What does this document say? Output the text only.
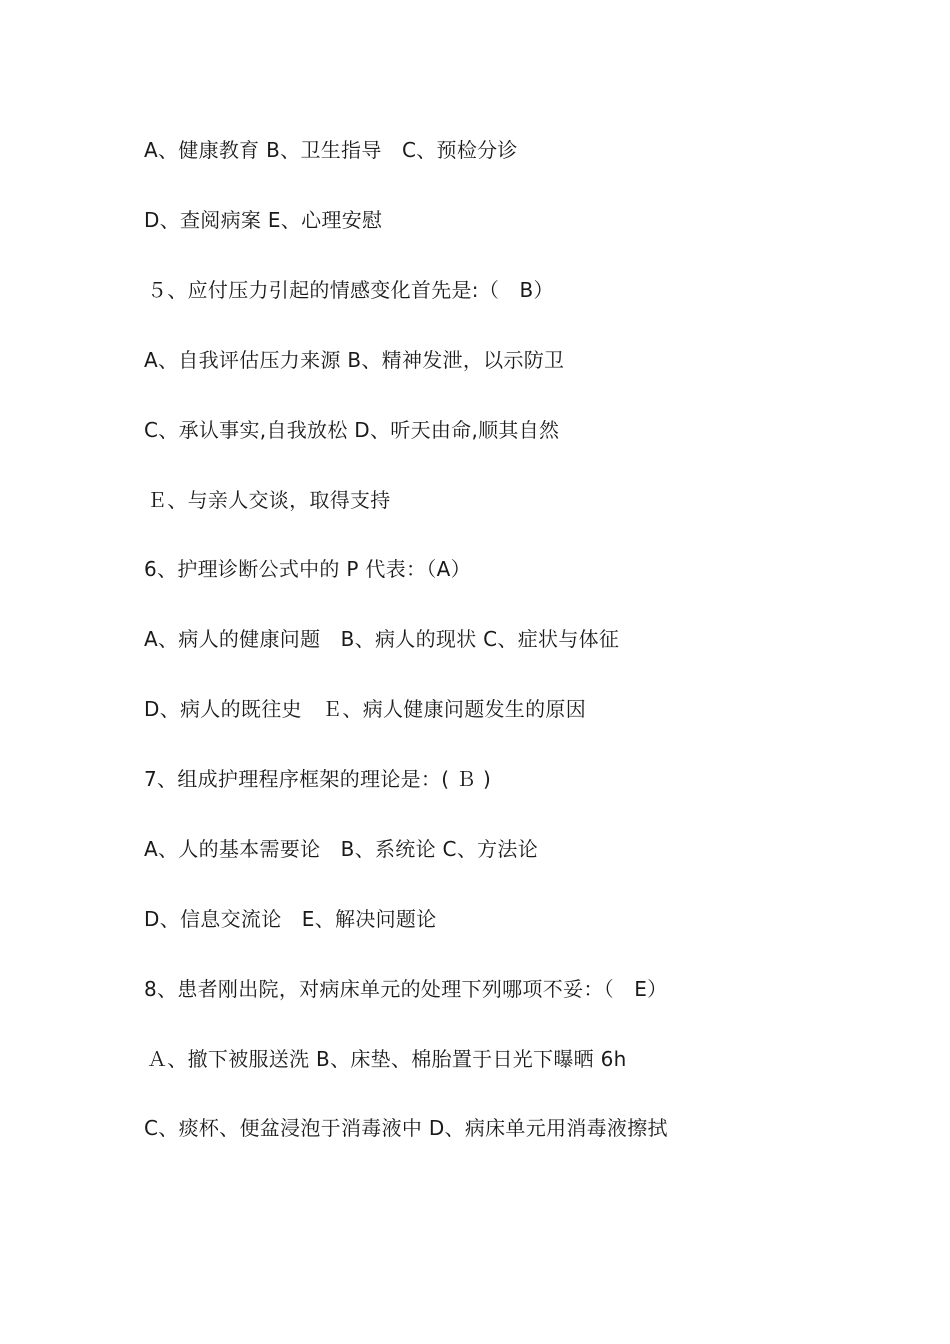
A、健康教育 B、卫生指导　C、预检分诊
D、查阅病案 E、心理安慰
５、应付压力引起的情感变化首先是:（　B）
A、自我评估压力来源 B、精神发泄，以示防卫
C、承认事实,自我放松 D、听天由命,顺其自然
Ｅ、与亲人交谈，取得支持
6、护理诊断公式中的 P 代表：（A）
A、病人的健康问题　B、病人的现状 C、症状与体征
D、病人的既往史　Ｅ、病人健康问题发生的原因
7、组成护理程序框架的理论是：( Ｂ )
A、人的基本需要论　B、系统论 C、方法论
D、信息交流论　E、解决问题论
8、患者刚出院，对病床单元的处理下列哪项不妥：（　E）
Ａ、撤下被服送洗 B、床垫、棉胎置于日光下曝晒 6h
C、痰杯、便盆浸泡于消毒液中 D、病床单元用消毒液擦拭
